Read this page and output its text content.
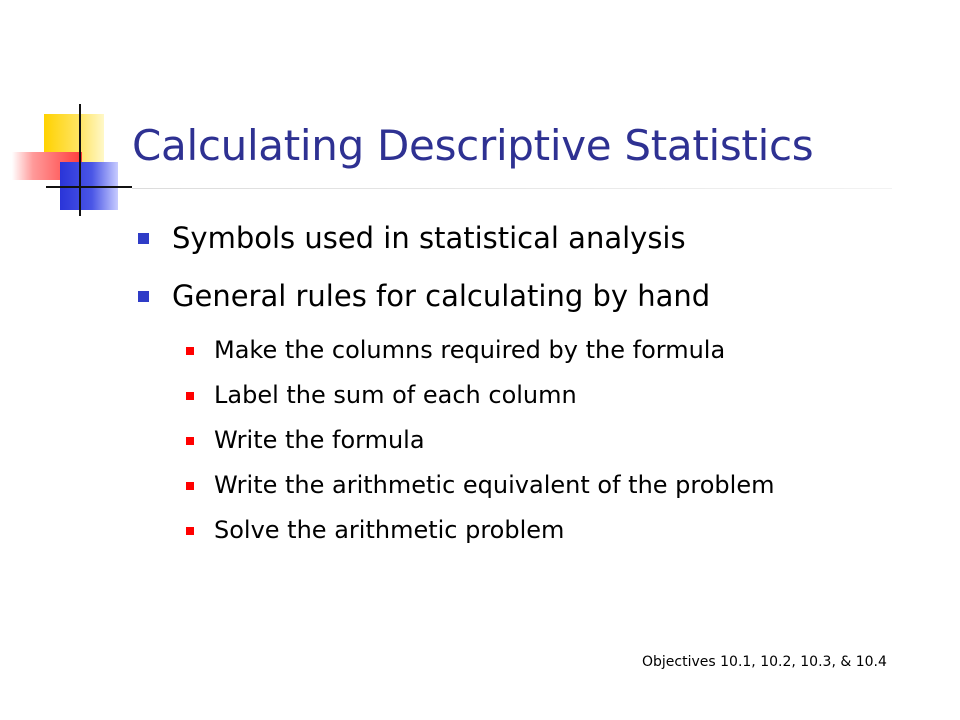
Calculating Descriptive Statistics
Symbols used in statistical analysis
General rules for calculating by hand
Make the columns required by the formula
Label the sum of each column
Write the formula
Write the arithmetic equivalent of the problem
Solve the arithmetic problem

Objectives 10.1, 10.2, 10.3, & 10.4
